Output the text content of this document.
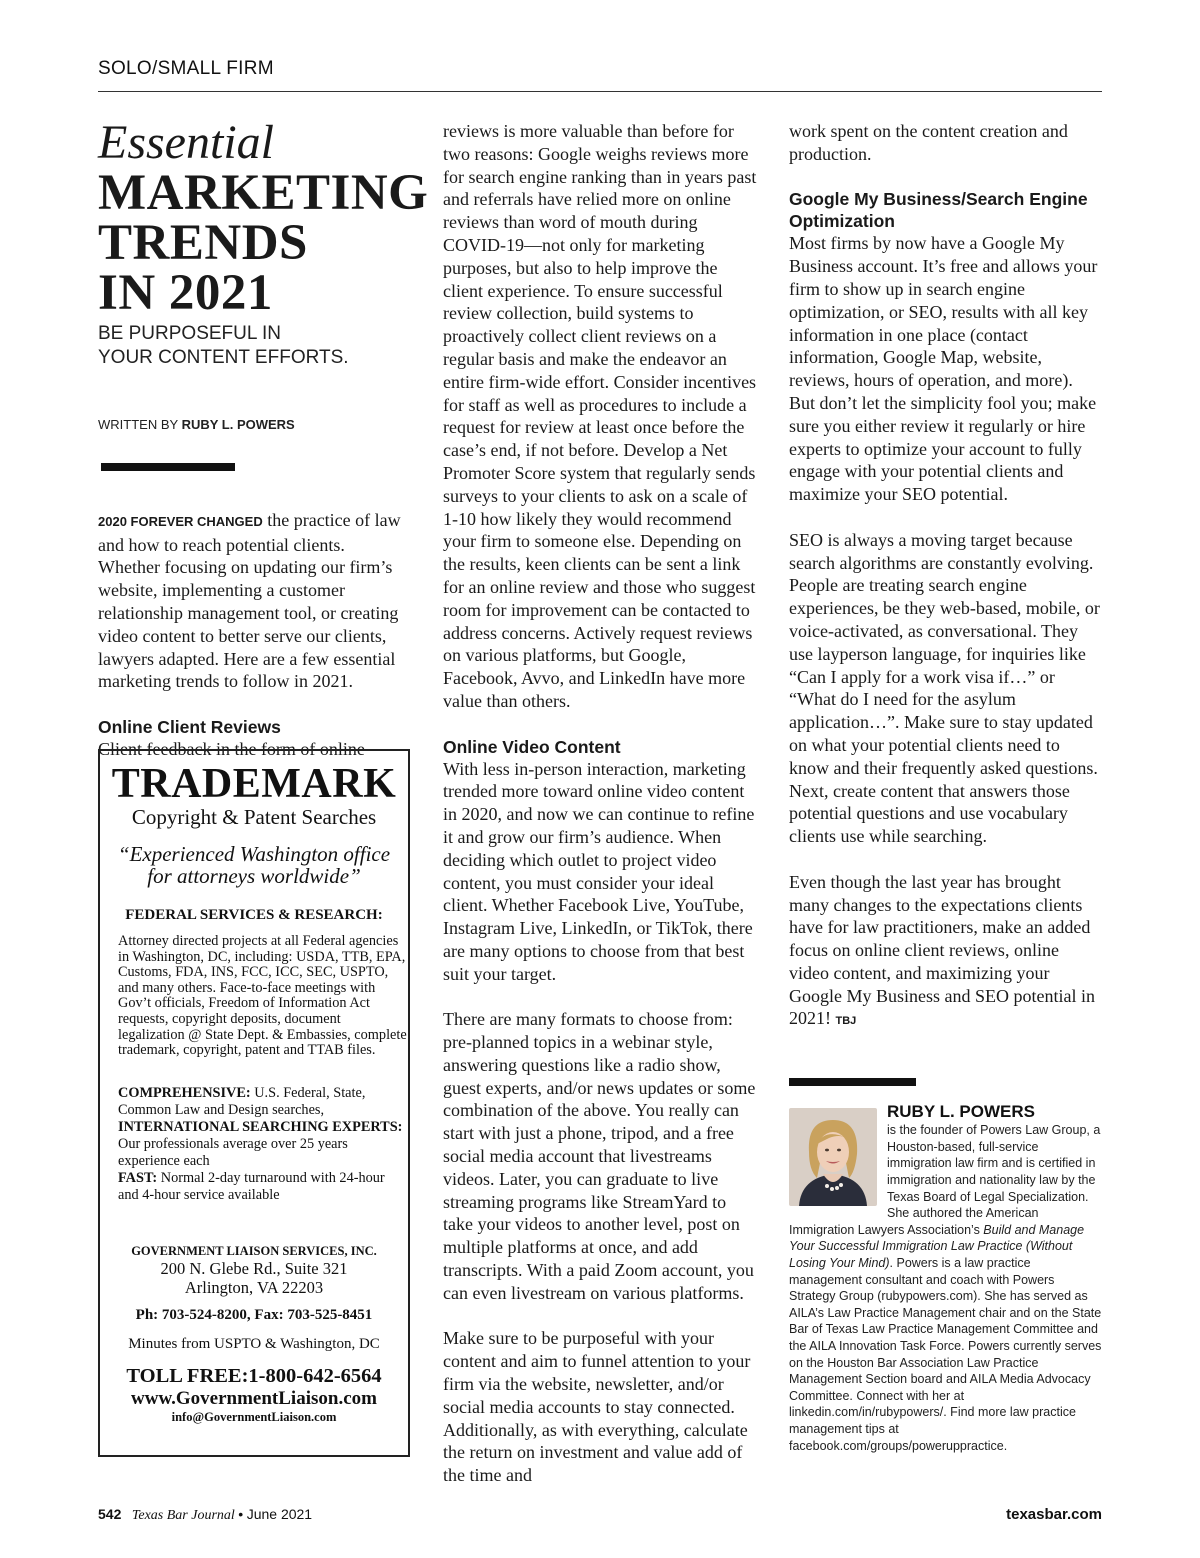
SOLO/SMALL FIRM
Essential
MARKETING
TRENDS
IN 2021
BE PURPOSEFUL IN
YOUR CONTENT EFFORTS.
WRITTEN BY RUBY L. POWERS

2020 FOREVER CHANGED the practice of law and how to reach potential clients. Whether focusing on updating our firm’s website, implementing a customer relationship management tool, or creating video content to better serve our clients, lawyers adapted. Here are a few essential marketing trends to follow in 2021.

Online Client Reviews

Client feedback in the form of online

TRADEMARK
Copyright & Patent Searches
“Experienced Washington office
for attorneys worldwide”
FEDERAL SERVICES & RESEARCH:
Attorney directed projects at all Federal agencies in Washington, DC, including: USDA, TTB, EPA, Customs, FDA, INS, FCC, ICC, SEC, USPTO, and many others. Face-to-face meetings with Gov’t officials, Freedom of Information Act requests, copyright deposits, document legalization @ State Dept. & Embassies, complete trademark, copyright, patent and TTAB files.
COMPREHENSIVE: U.S. Federal, State, Common Law and Design searches, INTERNATIONAL SEARCHING EXPERTS: Our professionals average over 25 years experience each
FAST: Normal 2-day turnaround with 24-hour and 4-hour service available
GOVERNMENT LIAISON SERVICES, INC.
200 N. Glebe Rd., Suite 321
Arlington, VA 22203
Ph: 703-524-8200, Fax: 703-525-8451
Minutes from USPTO & Washington, DC
TOLL FREE:1-800-642-6564
www.GovernmentLiaison.com
info@GovernmentLiaison.com

reviews is more valuable than before for two reasons: Google weighs reviews more for search engine ranking than in years past and referrals have relied more on online reviews than word of mouth during COVID-19—not only for marketing purposes, but also to help improve the client experience. To ensure successful review collection, build systems to proactively collect client reviews on a regular basis and make the endeavor an entire firm-wide effort. Consider incentives for staff as well as procedures to include a request for review at least once before the case’s end, if not before. Develop a Net Promoter Score system that regularly sends surveys to your clients to ask on a scale of 1-10 how likely they would recommend your firm to someone else. Depending on the results, keen clients can be sent a link for an online review and those who suggest room for improvement can be contacted to address concerns. Actively request reviews on various platforms, but Google, Facebook, Avvo, and LinkedIn have more value than others.

Online Video Content

With less in-person interaction, marketing trended more toward online video content in 2020, and now we can continue to refine it and grow our firm’s audience. When deciding which outlet to project video content, you must consider your ideal client. Whether Facebook Live, YouTube, Instagram Live, LinkedIn, or TikTok, there are many options to choose from that best suit your target.

There are many formats to choose from: pre-planned topics in a webinar style, answering questions like a radio show, guest experts, and/or news updates or some combination of the above. You really can start with just a phone, tripod, and a free social media account that livestreams videos. Later, you can graduate to live streaming programs like StreamYard to take your videos to another level, post on multiple platforms at once, and add transcripts. With a paid Zoom account, you can even livestream on various platforms.

Make sure to be purposeful with your content and aim to funnel attention to your firm via the website, newsletter, and/or social media accounts to stay connected. Additionally, as with everything, calculate the return on investment and value add of the time and

work spent on the content creation and production.

Google My Business/Search Engine Optimization

Most firms by now have a Google My Business account. It’s free and allows your firm to show up in search engine optimization, or SEO, results with all key information in one place (contact information, Google Map, website, reviews, hours of operation, and more). But don’t let the simplicity fool you; make sure you either review it regularly or hire experts to optimize your account to fully engage with your potential clients and maximize your SEO potential.

SEO is always a moving target because search algorithms are constantly evolving. People are treating search engine experiences, be they web-based, mobile, or voice-activated, as conversational. They use layperson language, for inquiries like “Can I apply for a work visa if…” or “What do I need for the asylum application…”. Make sure to stay updated on what your potential clients need to know and their frequently asked questions. Next, create content that answers those potential questions and use vocabulary clients use while searching.

Even though the last year has brought many changes to the expectations clients have for law practitioners, make an added focus on online client reviews, online video content, and maximizing your Google My Business and SEO potential in 2021! TBJ

RUBY L. POWERS
is the founder of Powers Law Group, a Houston-based, full-service immigration law firm and is certified in immigration and nationality law by the Texas Board of Legal Specialization. She authored the American Immigration Lawyers Association’s Build and Manage Your Successful Immigration Law Practice (Without Losing Your Mind). Powers is a law practice management consultant and coach with Powers Strategy Group (rubypowers.com). She has served as AILA’s Law Practice Management chair and on the State Bar of Texas Law Practice Management Committee and the AILA Innovation Task Force. Powers currently serves on the Houston Bar Association Law Practice Management Section board and AILA Media Advocacy Committee. Connect with her at linkedin.com/in/rubypowers/. Find more law practice management tips at facebook.com/groups/poweruppractice.
542 Texas Bar Journal • June 2021	texasbar.com
